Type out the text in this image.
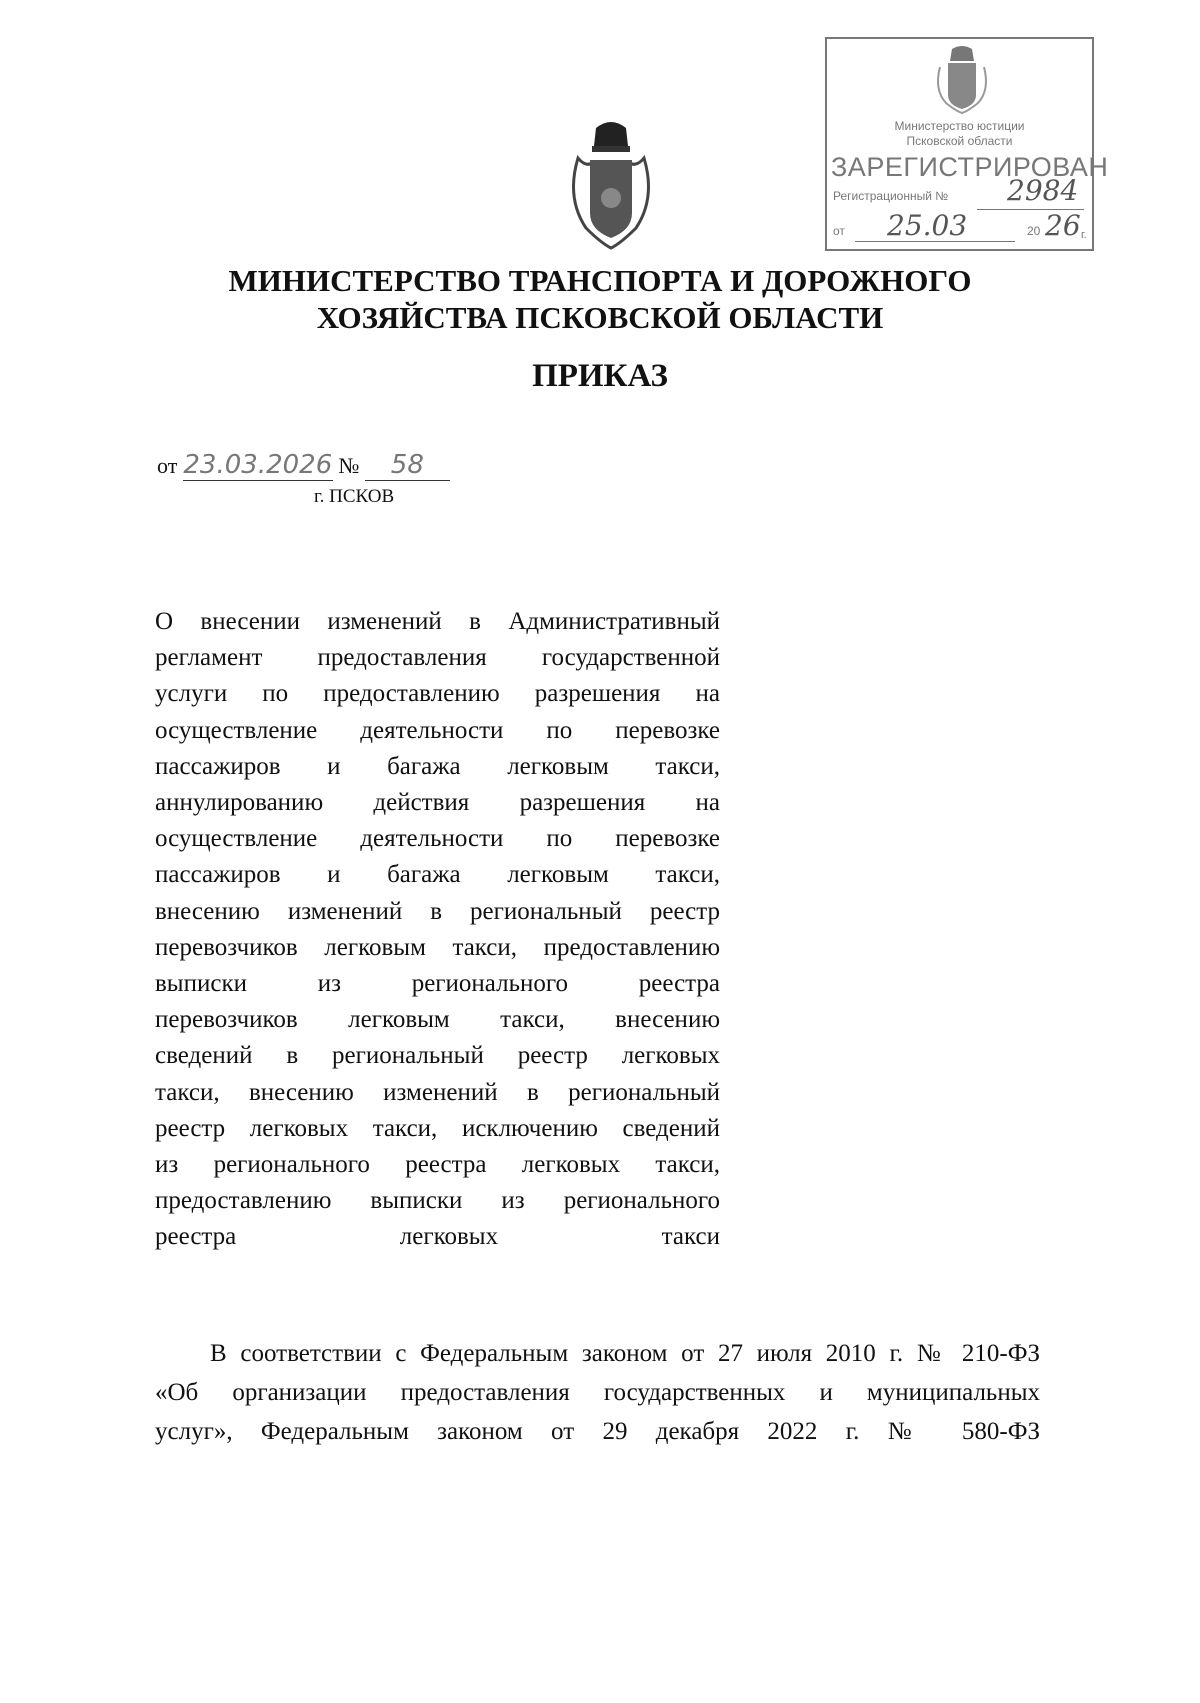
Министерство юстиции
Псковской области
ЗАРЕГИСТРИРОВАН
Регистрационный № 2984
от 25.03	20 26 г.
МИНИСТЕРСТВО ТРАНСПОРТА И ДОРОЖНОГО
ХОЗЯЙСТВА ПСКОВСКОЙ ОБЛАСТИ
ПРИКАЗ
от 23.03.2026 № 58
г. ПСКОВ
О внесении изменений в Административный
регламент предоставления государственной
услуги по предоставлению разрешения на
осуществление деятельности по перевозке
пассажиров и багажа легковым такси,
аннулированию действия разрешения на
осуществление деятельности по перевозке
пассажиров и багажа легковым такси,
внесению изменений в региональный реестр
перевозчиков легковым такси, предоставлению
выписки из регионального реестра
перевозчиков легковым такси, внесению
сведений в региональный реестр легковых
такси, внесению изменений в региональный
реестр легковых такси, исключению сведений
из регионального реестра легковых такси,
предоставлению выписки из регионального
реестра легковых такси
В соответствии с Федеральным законом от 27 июля 2010 г. № 210-ФЗ
«Об организации предоставления государственных и муниципальных
услуг», Федеральным законом от 29 декабря 2022 г. № 580-ФЗ
